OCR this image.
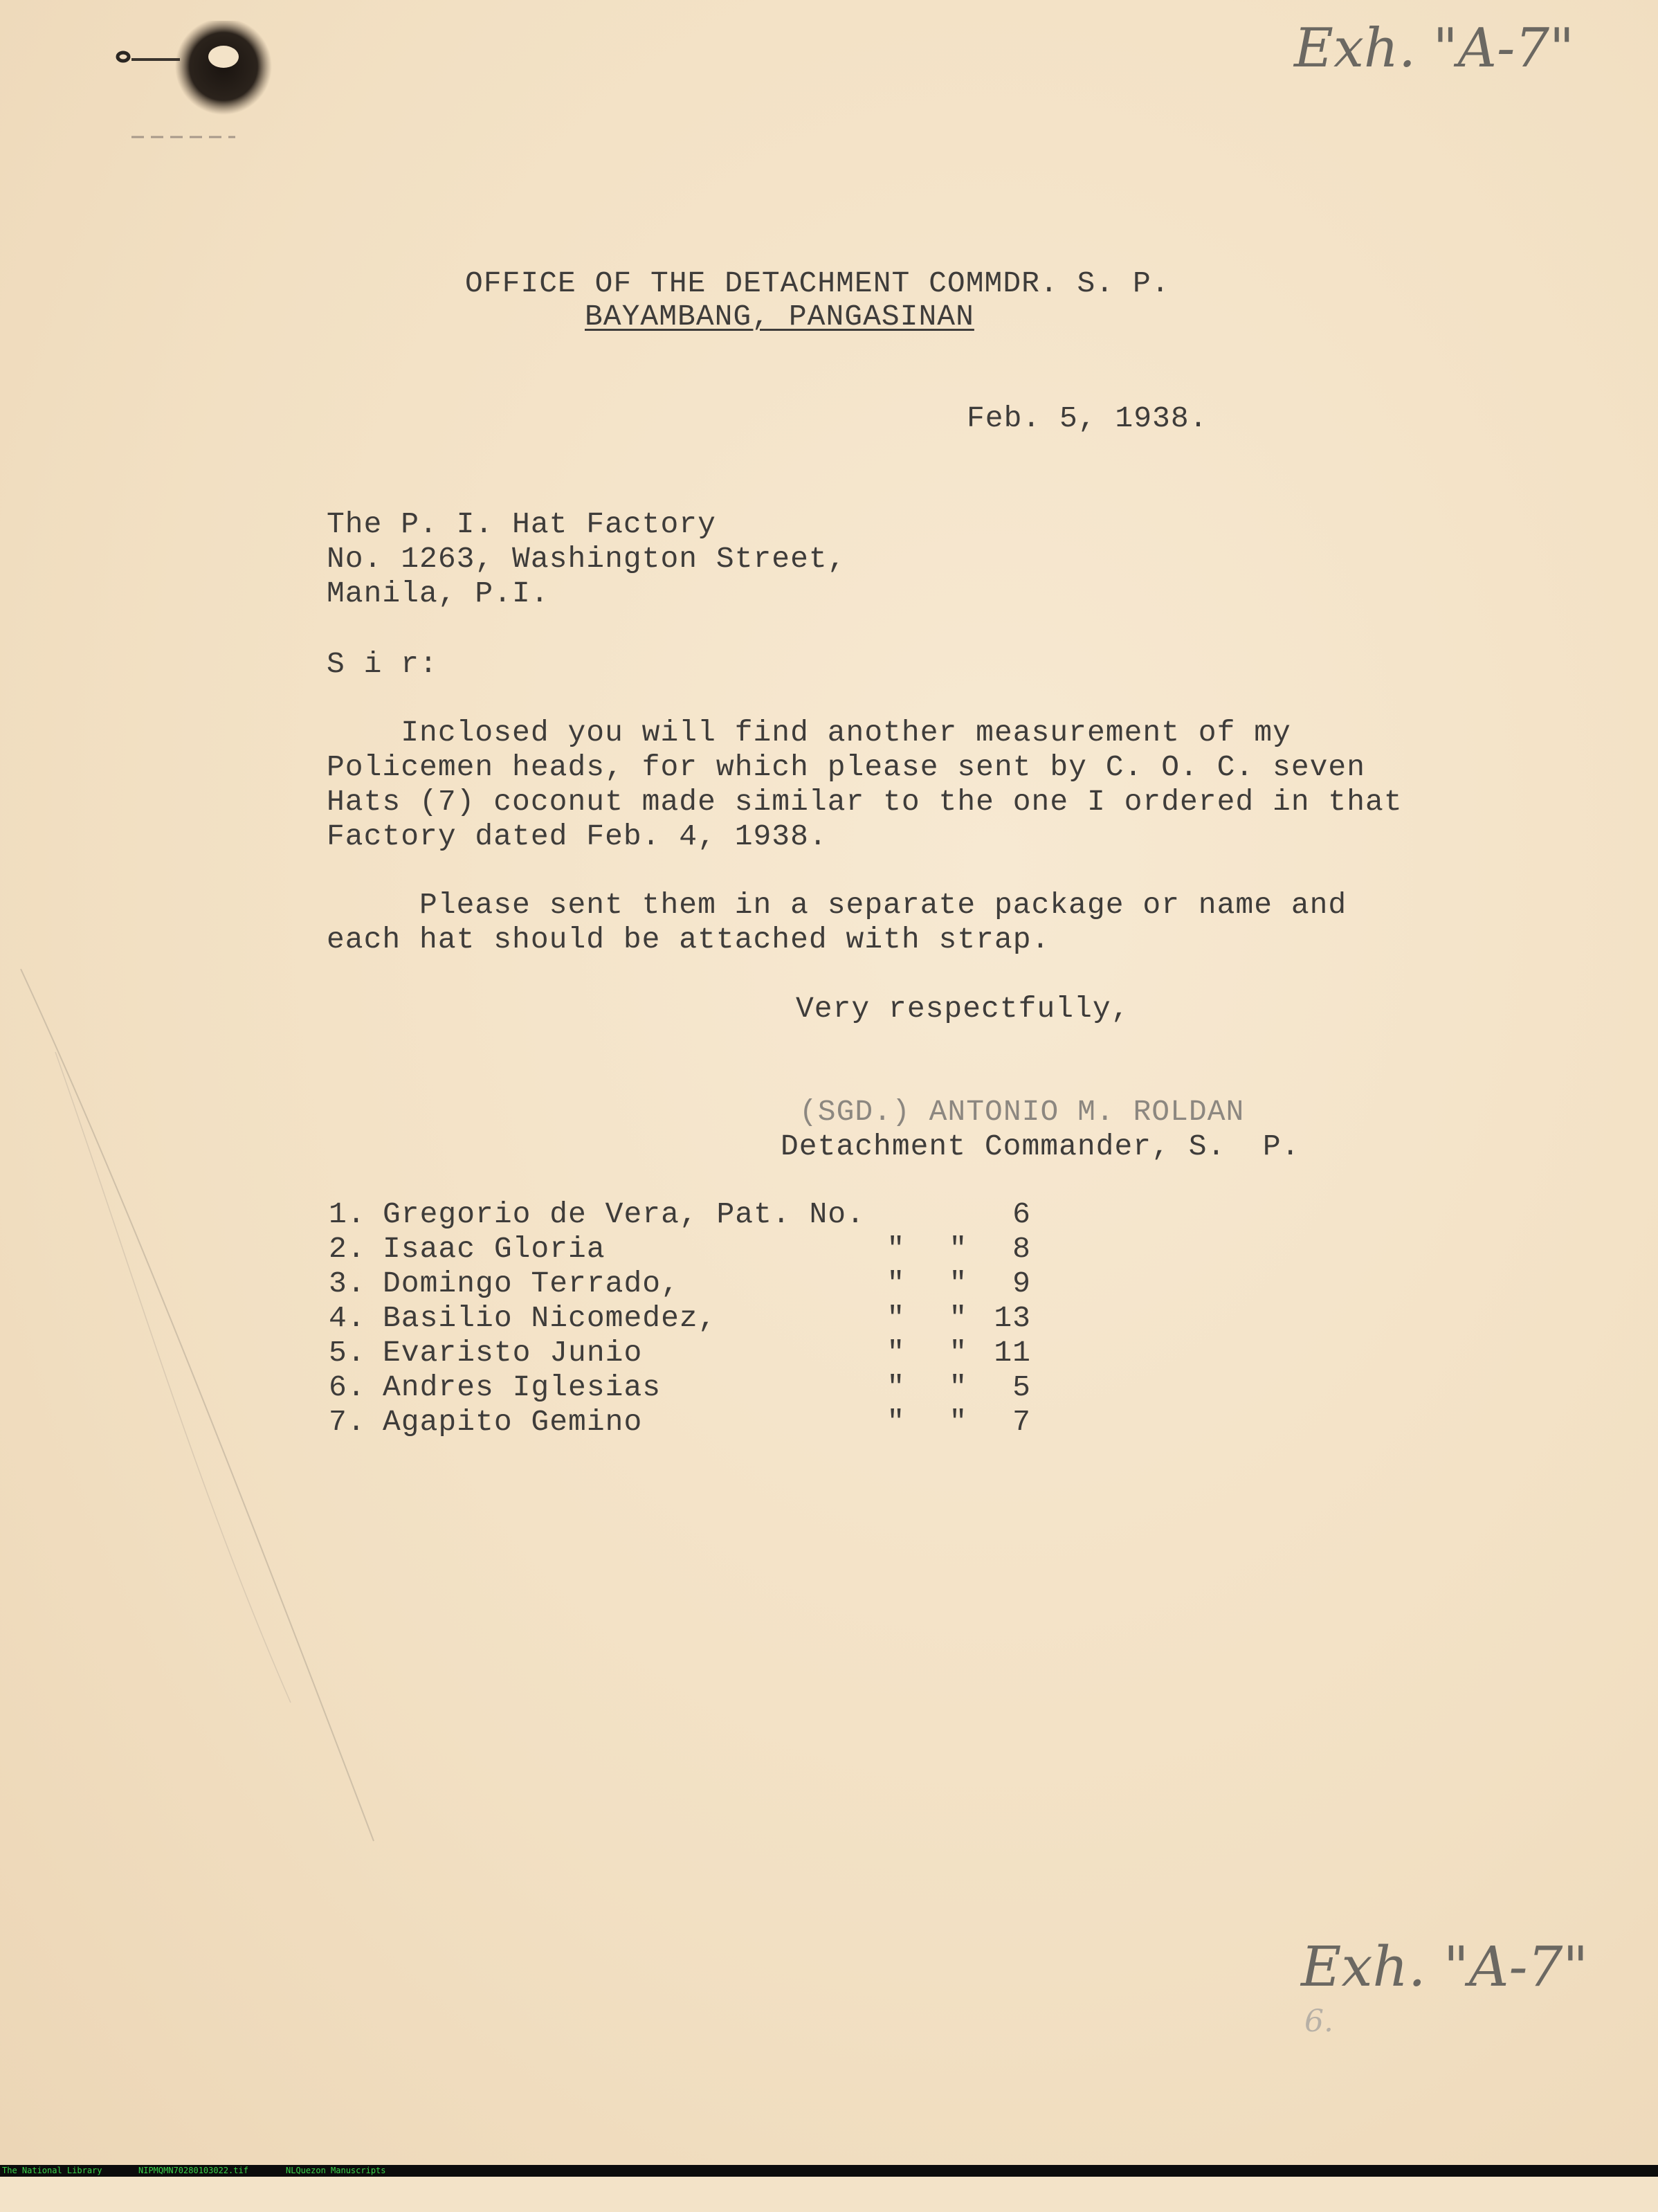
Exh. "A-7"
OFFICE OF THE DETACHMENT COMMDR. S. P.
BAYAMBANG, PANGASINAN
Feb. 5, 1938.
The P. I. Hat Factory
No. 1263, Washington Street,
Manila, P.I.
S i r:
Inclosed you will find another measurement of my
Policemen heads, for which please sent by C. O. C. seven
Hats (7) coconut made similar to the one I ordered in that
Factory dated Feb. 4, 1938.
Please sent them in a separate package or name and
each hat should be attached with strap.
Very respectfully,
(SGD.) ANTONIO M. ROLDAN
Detachment Commander, S.  P.
1.	Gregorio de Vera, Pat. No.			6
2.	Isaac Gloria	"	"	8
3.	Domingo Terrado,	"	"	9
4.	Basilio Nicomedez,	"	"	13
5.	Evaristo Junio	"	"	11
6.	Andres Iglesias	"	"	5
7.	Agapito Gemino	"	"	7
Exh. "A-7"
6.

The National Library

	NIPMQMN70280103022.tif

	NLQuezon Manuscripts
